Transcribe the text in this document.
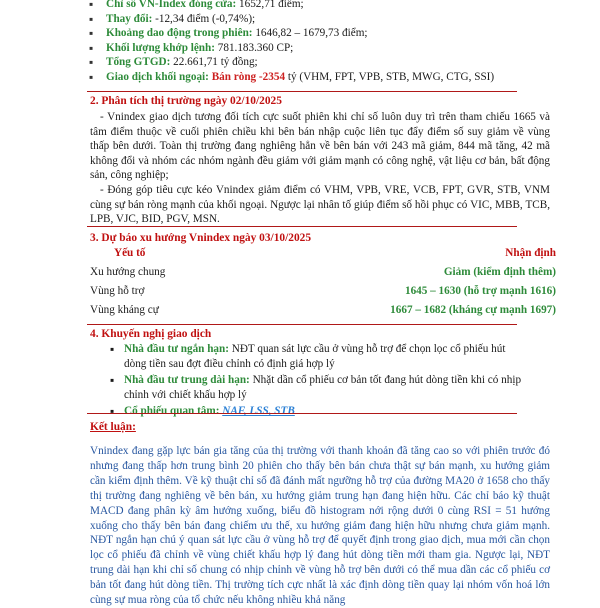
▪ Chỉ số VN-Index đóng cửa: 1652,71 điểm;
▪ Thay đổi: -12,34 điểm (-0,74%);
▪ Khoảng dao động trong phiên: 1646,82 – 1679,73 điểm;
▪ Khối lượng khớp lệnh: 781.183.360 CP;
▪ Tổng GTGD: 22.661,71 tỷ đồng;
▪ Giao dịch khối ngoại: Bán ròng -2354 tỷ (VHM, FPT, VPB, STB, MWG, CTG, SSI)
2. Phân tích thị trường ngày 02/10/2025

- Vnindex giao dịch tương đối tích cực suốt phiên khi chỉ số luôn duy trì trên tham chiếu 1665 và tâm điểm thuộc về cuối phiên chiều khi bên bán nhập cuộc liên tục đẩy điểm số suy giảm về vùng thấp bên dưới. Toàn thị trường đang nghiêng hẳn về bên bán với 243 mã giảm, 844 mã tăng, 42 mã không đổi và nhóm các nhóm ngành đều giảm với giảm mạnh có công nghệ, vật liệu cơ bản, bất động sản, công nghiệp;

- Đóng góp tiêu cực kéo Vnindex giảm điểm có VHM, VPB, VRE, VCB, FPT, GVR, STB, VNM cùng sự bán ròng mạnh của khối ngoại. Ngược lại nhân tố giúp điểm số hồi phục có VIC, MBB, TCB, LPB, VJC, BID, PGV, MSN.

3. Dự báo xu hướng Vnindex ngày 03/10/2025
Yếu tố	Nhận định
Xu hướng chung	Giảm (kiểm định thêm)
Vùng hỗ trợ	1645 – 1630 (hỗ trợ mạnh 1616)
Vùng kháng cự	1667 – 1682 (kháng cự mạnh 1697)
4. Khuyến nghị giao dịch
▪ Nhà đầu tư ngắn hạn: NĐT quan sát lực cầu ở vùng hỗ trợ để chọn lọc cổ phiếu hút dòng tiền sau đợt điều chỉnh có định giá hợp lý
▪ Nhà đầu tư trung dài hạn: Nhặt dần cổ phiếu cơ bản tốt đang hút dòng tiền khi có nhịp chỉnh với chiết khấu hợp lý
▪ Cổ phiếu quan tâm: NAF, LSS, STB
Kết luận:

Vnindex đang gặp lực bán gia tăng của thị trường với thanh khoản đã tăng cao so với phiên trước đó nhưng đang thấp hơn trung bình 20 phiên cho thấy bên bán chưa thật sự bán mạnh, xu hướng giảm cần kiểm định thêm. Về kỹ thuật chỉ số đã đánh mất ngưỡng hỗ trợ của đường MA20 ở 1658 cho thấy thị trường đang nghiêng về bên bán, xu hướng giảm trung hạn đang hiện hữu. Các chỉ báo kỹ thuật MACD đang phân kỳ âm hướng xuống, biểu đồ histogram nới rộng dưới 0 cùng RSI = 51 hướng xuống cho thấy bên bán đang chiếm ưu thế, xu hướng giảm đang hiện hữu nhưng chưa giảm mạnh. NĐT ngắn hạn chú ý quan sát lực cầu ở vùng hỗ trợ để quyết định trong giao dịch, mua mới cần chọn lọc cổ phiếu đã chỉnh về vùng chiết khấu hợp lý đang hút dòng tiền mới tham gia. Ngược lại, NĐT trung dài hạn khi chỉ số chung có nhịp chỉnh về vùng hỗ trợ bên dưới có thể mua dần các cổ phiếu cơ bản tốt đang hút dòng tiền. Thị trường tích cực nhất là xác định dòng tiền quay lại nhóm vốn hoá lớn cùng sự mua ròng của tổ chức nếu không nhiều khả năng
